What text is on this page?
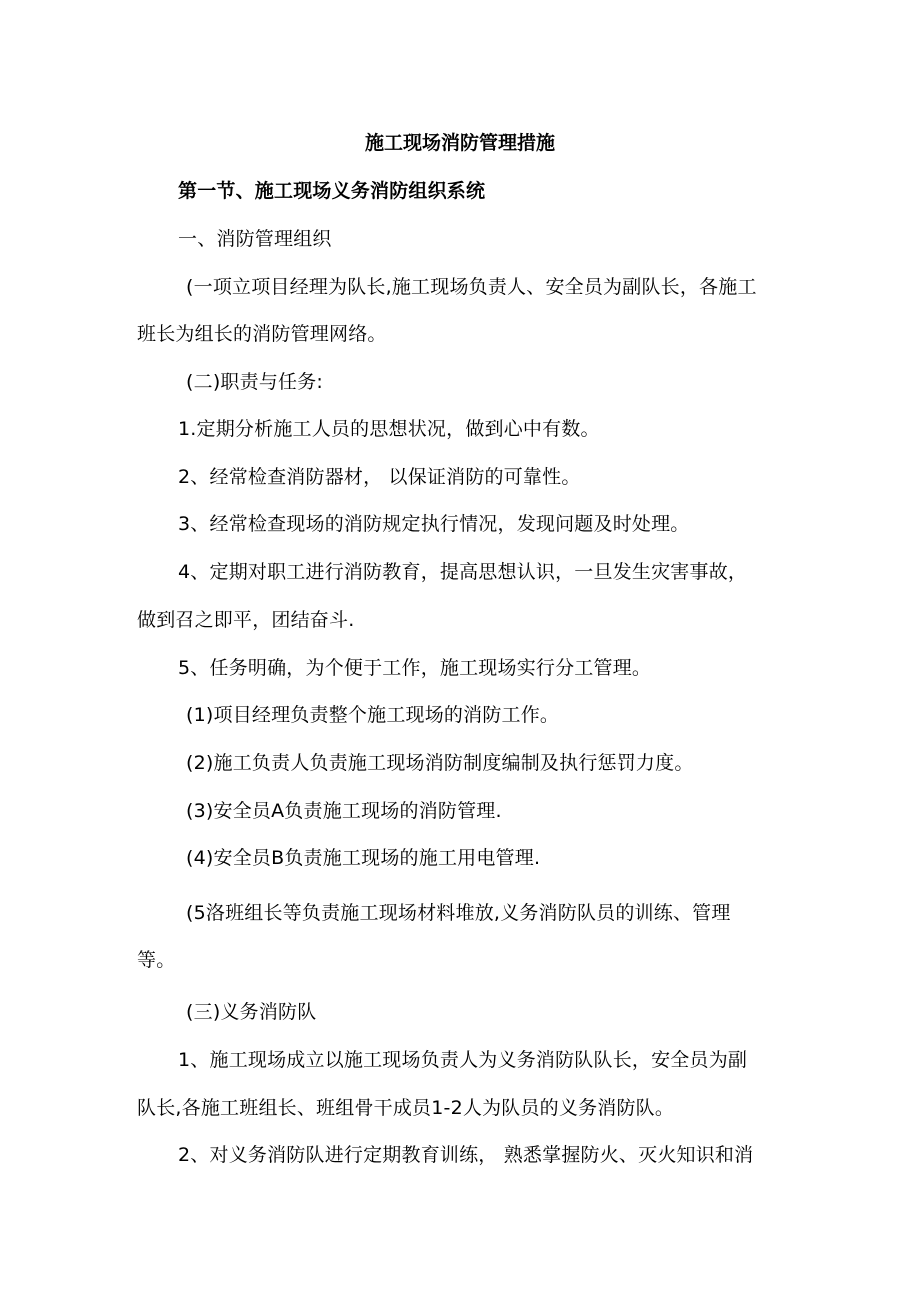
施工现场消防管理措施
第一节、施工现场义务消防组织系统
一、消防管理组织
(一项立项目经理为队长,施工现场负责人、安全员为副队长，各施工
班长为组长的消防管理网络。
(二)职责与任务:
1.定期分析施工人员的思想状况，做到心中有数。
2、经常检查消防器材， 以保证消防的可靠性。
3、经常检查现场的消防规定执行情况，发现问题及时处理。
4、定期对职工进行消防教育，提高思想认识，一旦发生灾害事故，
做到召之即平，团结奋斗.
5、任务明确，为个便于工作，施工现场实行分工管理。
(1)项目经理负责整个施工现场的消防工作。
(2)施工负责人负责施工现场消防制度编制及执行惩罚力度。
(3)安全员A负责施工现场的消防管理.
(4)安全员B负责施工现场的施工用电管理.
(5洛班组长等负责施工现场材料堆放,义务消防队员的训练、管理
等。
(三)义务消防队
1、施工现场成立以施工现场负责人为义务消防队队长，安全员为副
队长,各施工班组长、班组骨干成员1-2人为队员的义务消防队。
2、对义务消防队进行定期教育训练， 熟悉掌握防火、灭火知识和消
